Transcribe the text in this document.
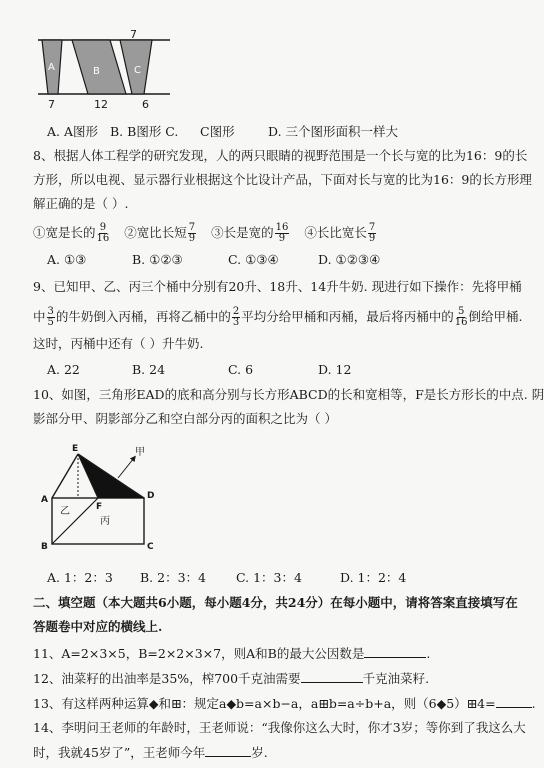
A	B	C
7
7	12	6
A. A图形 B. B图形 C. C图形	D. 三个图形面积一样大
8、根据人体工程学的研究发现，人的两只眼睛的视野范围是一个长与宽的比为16：9的长
方形，所以电视、显示器行业根据这个比设计产品，下面对长与宽的比为16：9的长方形理
解正确的是（ ）.
①宽是长的 $\frac{9}{16}$ ②宽比长短 $\frac{7}{9}$ ③长是宽的 $\frac{16}{9}$ ④长比宽长 $\frac{7}{9}$
A. ①③	B. ①②③	C. ①③④	D. ①②③④
9、已知甲、乙、丙三个桶中分别有20升、18升、14升牛奶. 现进行如下操作：先将甲桶
中 $\frac{3}{5}$ 的牛奶倒入丙桶，再将乙桶中的 $\frac{2}{3}$ 平均分给甲桶和丙桶，最后将丙桶中的 $\frac{5}{16}$ 倒给甲桶.
这时，丙桶中还有（ ）升牛奶.
A. 22	B. 24	C. 6	D. 12
10、如图，三角形EAD的底和高分别与长方形ABCD的长和宽相等，F是长方形长的中点. 阴
影部分甲、阴影部分乙和空白部分丙的面积之比为（ ）
E
A
B	C
D
F
甲
乙
丙
A. 1：2：3 B. 2：3：4 C. 1：3：4	D. 1：2：4
二、填空题（本大题共6小题，每小题4分，共24分）在每小题中，请将答案直接填写在
答题卷中对应的横线上.
11、A=2×3×5，B=2×2×3×7，则A和B的最大公因数是	.
12、油菜籽的出油率是35%，榨700千克油需要	千克油菜籽.
13、有这样两种运算◆和⊞：规定a◆b=a×b−a，a⊞b=a÷b+a，则（6◆5）⊞4=	.
14、李明问王老师的年龄时，王老师说：“我像你这么大时，你才3岁；等你到了我这么大
时，我就45岁了”，王老师今年	岁.
